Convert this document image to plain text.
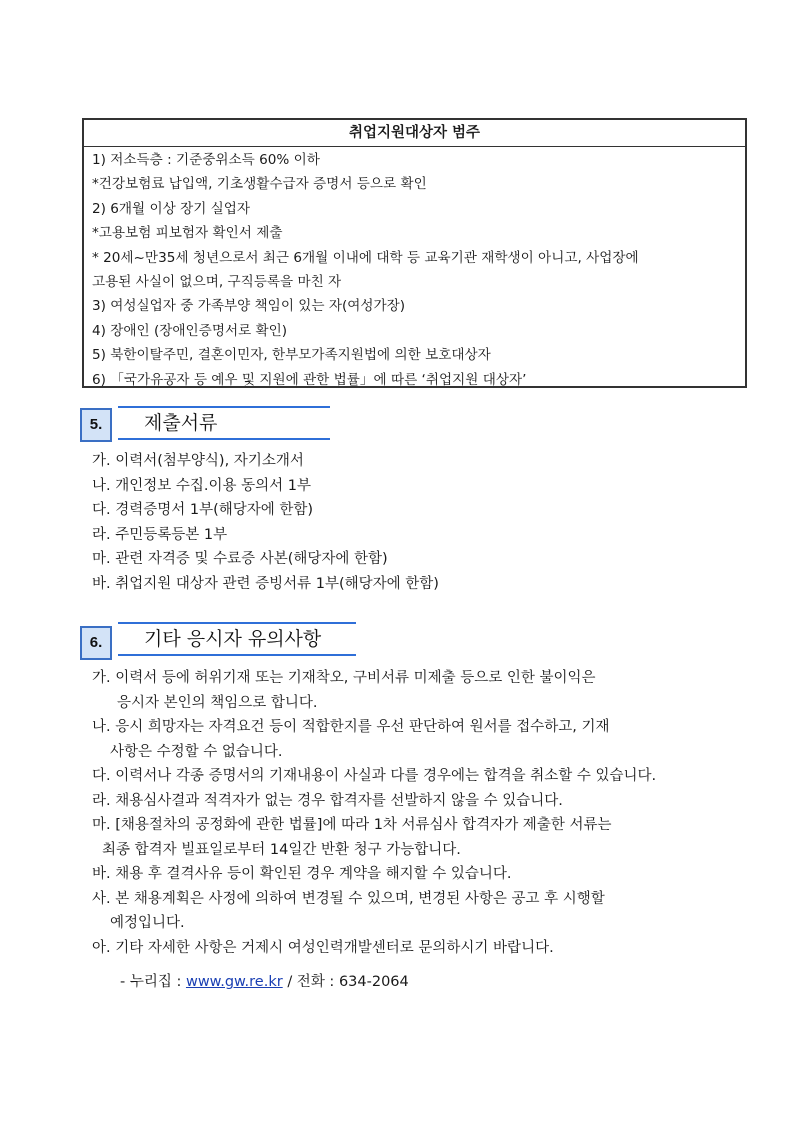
취업지원대상자 범주
1) 저소득층 : 기준중위소득 60% 이하
*건강보험료 납입액, 기초생활수급자 증명서 등으로 확인
2) 6개월 이상 장기 실업자
*고용보험 피보험자 확인서 제출
* 20세~만35세 청년으로서 최근 6개월 이내에 대학 등 교육기관 재학생이 아니고, 사업장에
고용된 사실이 없으며, 구직등록을 마친 자
3) 여성실업자 중 가족부양 책임이 있는 자(여성가장)
4) 장애인 (장애인증명서로 확인)
5) 북한이탈주민, 결혼이민자, 한부모가족지원법에 의한 보호대상자
6) 「국가유공자 등 예우 및 지원에 관한 법률」에 따른 ‘취업지원 대상자’
5.	제출서류
가. 이력서(첨부양식), 자기소개서
나. 개인정보 수집.이용 동의서 1부
다. 경력증명서 1부(해당자에 한함)
라. 주민등록등본 1부
마. 관련 자격증 및 수료증 사본(해당자에 한함)
바. 취업지원 대상자 관련 증빙서류 1부(해당자에 한함)
6.	기타 응시자 유의사항
가. 이력서 등에 허위기재 또는 기재착오, 구비서류 미제출 등으로 인한 불이익은
응시자 본인의 책임으로 합니다.
나. 응시 희망자는 자격요건 등이 적합한지를 우선 판단하여 원서를 접수하고, 기재
사항은 수정할 수 없습니다.
다. 이력서나 각종 증명서의 기재내용이 사실과 다를 경우에는 합격을 취소할 수 있습니다.
라. 채용심사결과 적격자가 없는 경우 합격자를 선발하지 않을 수 있습니다.
마. [채용절차의 공정화에 관한 법률]에 따라 1차 서류심사 합격자가 제출한 서류는
최종 합격자 빌표일로부터 14일간 반환 청구 가능합니다.
바. 채용 후 결격사유 등이 확인된 경우 계약을 해지할 수 있습니다.
사. 본 채용계획은 사정에 의하여 변경될 수 있으며, 변경된 사항은 공고 후 시행할
예정입니다.
아. 기타 자세한 사항은 거제시 여성인력개발센터로 문의하시기 바랍니다.
- 누리집 : www.gw.re.kr / 전화 : 634-2064
